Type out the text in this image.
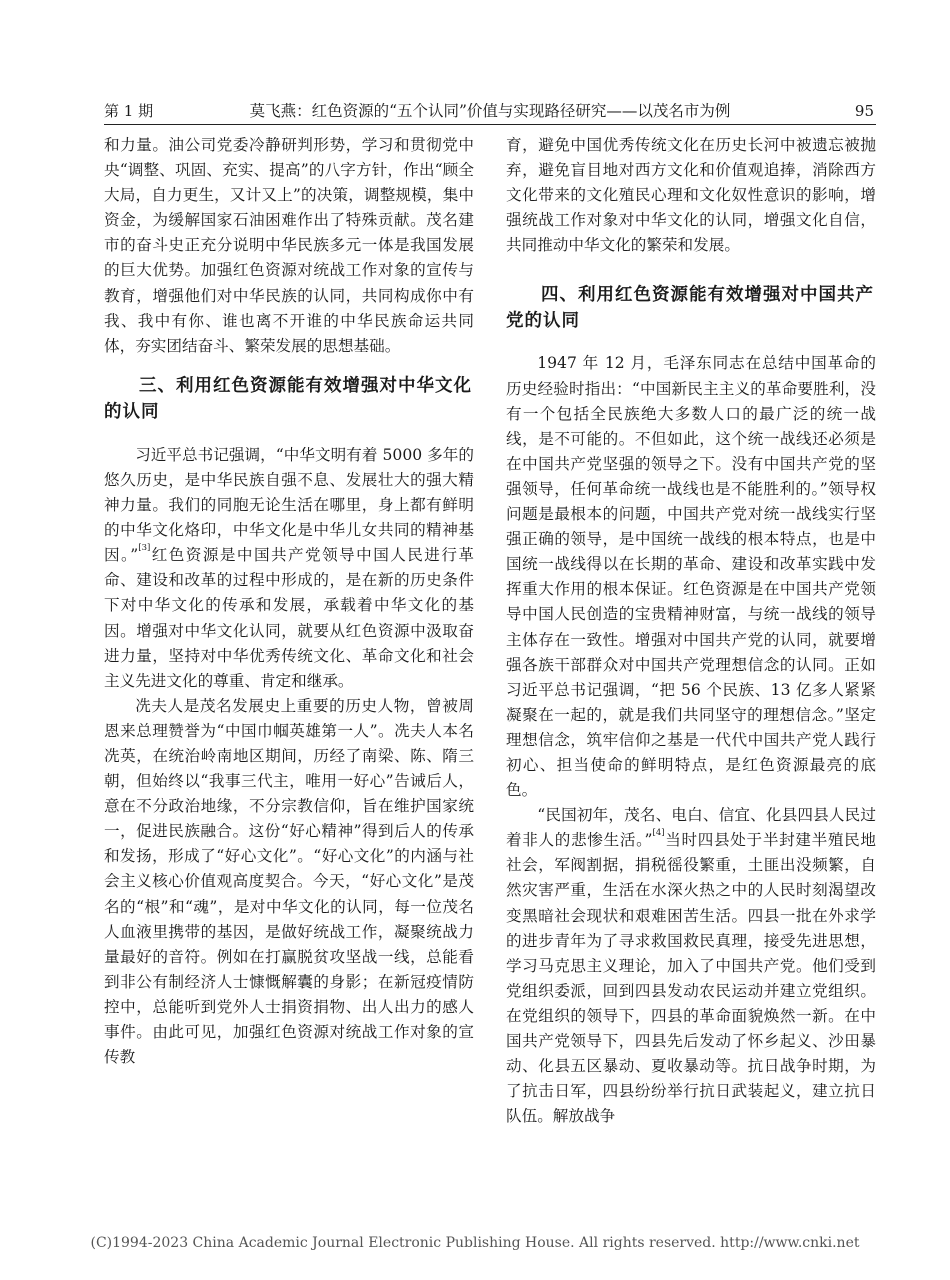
第 1 期	莫飞燕：红色资源的“五个认同”价值与实现路径研究——以茂名市为例	95

和力量。油公司党委冷静研判形势，学习和贯彻党中央“调整、巩固、充实、提高”的八字方针，作出“顾全大局，自力更生，又计又上”的决策，调整规模，集中资金，为缓解国家石油困难作出了特殊贡献。茂名建市的奋斗史正充分说明中华民族多元一体是我国发展的巨大优势。加强红色资源对统战工作对象的宣传与教育，增强他们对中华民族的认同，共同构成你中有我、我中有你、谁也离不开谁的中华民族命运共同体，夯实团结奋斗、繁荣发展的思想基础。

三、利用红色资源能有效增强对中华文化的认同

习近平总书记强调，“中华文明有着 5000 多年的悠久历史，是中华民族自强不息、发展壮大的强大精神力量。我们的同胞无论生活在哪里，身上都有鲜明的中华文化烙印，中华文化是中华儿女共同的精神基因。”[3]红色资源是中国共产党领导中国人民进行革命、建设和改革的过程中形成的，是在新的历史条件下对中华文化的传承和发展，承载着中华文化的基因。增强对中华文化认同，就要从红色资源中汲取奋进力量，坚持对中华优秀传统文化、革命文化和社会主义先进文化的尊重、肯定和继承。

冼夫人是茂名发展史上重要的历史人物，曾被周恩来总理赞誉为“中国巾帼英雄第一人”。冼夫人本名冼英，在统治岭南地区期间，历经了南梁、陈、隋三朝，但始终以“我事三代主，唯用一好心”告诫后人，意在不分政治地缘，不分宗教信仰，旨在维护国家统一，促进民族融合。这份“好心精神”得到后人的传承和发扬，形成了“好心文化”。“好心文化”的内涵与社会主义核心价值观高度契合。今天，“好心文化”是茂名的“根”和“魂”，是对中华文化的认同，每一位茂名人血液里携带的基因，是做好统战工作，凝聚统战力量最好的音符。例如在打赢脱贫攻坚战一线，总能看到非公有制经济人士慷慨解囊的身影；在新冠疫情防控中，总能听到党外人士捐资捐物、出人出力的感人事件。由此可见，加强红色资源对统战工作对象的宣传教

育，避免中国优秀传统文化在历史长河中被遗忘被抛弃，避免盲目地对西方文化和价值观追捧，消除西方文化带来的文化殖民心理和文化奴性意识的影响，增强统战工作对象对中华文化的认同，增强文化自信，共同推动中华文化的繁荣和发展。

四、利用红色资源能有效增强对中国共产党的认同

1947 年 12 月，毛泽东同志在总结中国革命的历史经验时指出：“中国新民主主义的革命要胜利，没有一个包括全民族绝大多数人口的最广泛的统一战线，是不可能的。不但如此，这个统一战线还必须是在中国共产党坚强的领导之下。没有中国共产党的坚强领导，任何革命统一战线也是不能胜利的。”领导权问题是最根本的问题，中国共产党对统一战线实行坚强正确的领导，是中国统一战线的根本特点，也是中国统一战线得以在长期的革命、建设和改革实践中发挥重大作用的根本保证。红色资源是在中国共产党领导中国人民创造的宝贵精神财富，与统一战线的领导主体存在一致性。增强对中国共产党的认同，就要增强各族干部群众对中国共产党理想信念的认同。正如习近平总书记强调，“把 56 个民族、13 亿多人紧紧凝聚在一起的，就是我们共同坚守的理想信念。”坚定理想信念，筑牢信仰之基是一代代中国共产党人践行初心、担当使命的鲜明特点，是红色资源最亮的底色。

“民国初年，茂名、电白、信宜、化县四县人民过着非人的悲惨生活。”[4]当时四县处于半封建半殖民地社会，军阀割据，捐税徭役繁重，土匪出没频繁，自然灾害严重，生活在水深火热之中的人民时刻渴望改变黑暗社会现状和艰难困苦生活。四县一批在外求学的进步青年为了寻求救国救民真理，接受先进思想，学习马克思主义理论，加入了中国共产党。他们受到党组织委派，回到四县发动农民运动并建立党组织。在党组织的领导下，四县的革命面貌焕然一新。在中国共产党领导下，四县先后发动了怀乡起义、沙田暴动、化县五区暴动、夏收暴动等。抗日战争时期，为了抗击日军，四县纷纷举行抗日武装起义，建立抗日队伍。解放战争

(C)1994-2023 China Academic Journal Electronic Publishing House. All rights reserved. http://www.cnki.net
